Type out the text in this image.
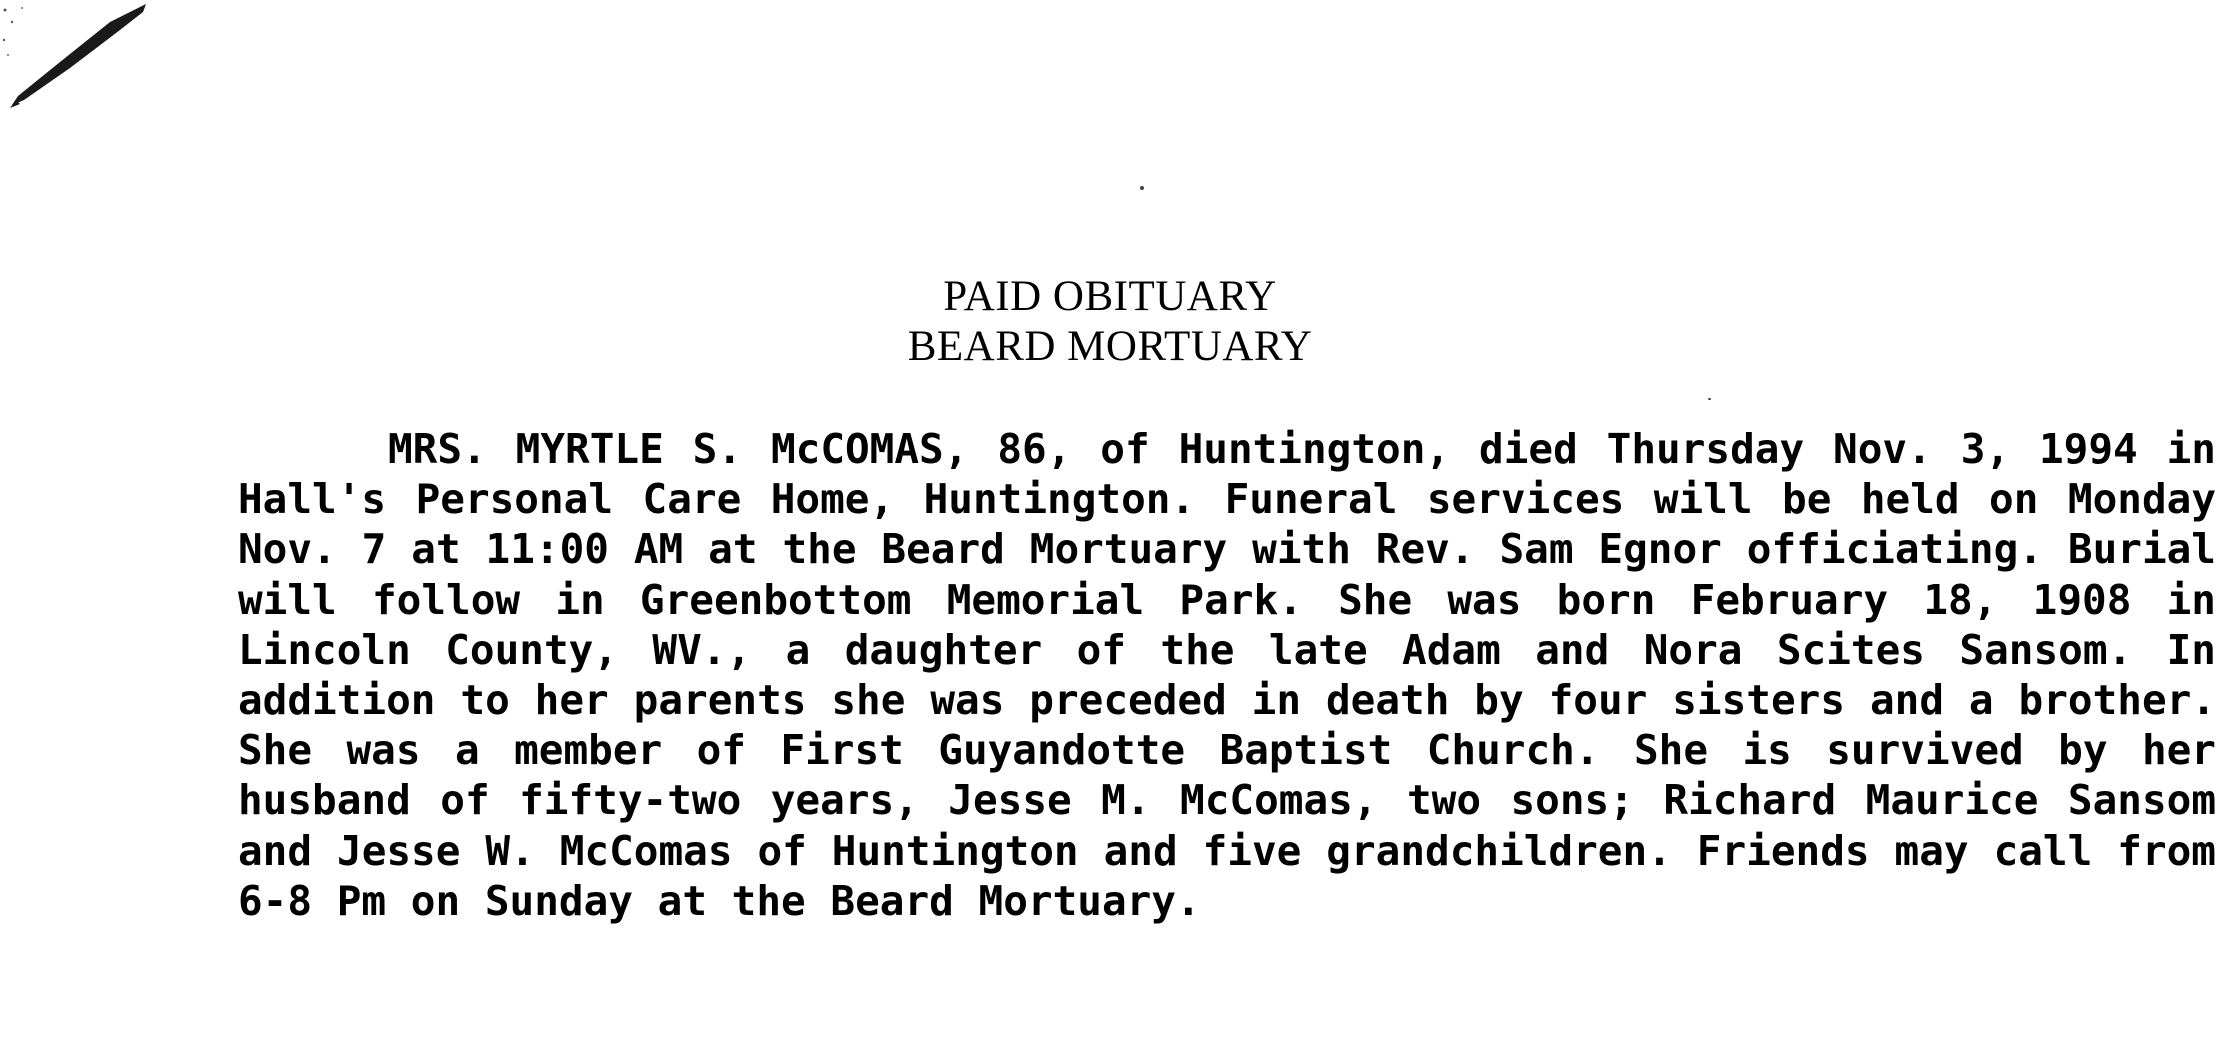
PAID OBITUARY
BEARD MORTUARY

MRS. MYRTLE S. McCOMAS, 86, of Huntington, died Thursday Nov. 3, 1994 in Hall's Personal Care Home, Huntington. Funeral services will be held on Monday Nov. 7 at 11:00 AM at the Beard Mortuary with Rev. Sam Egnor officiating. Burial will follow in Greenbottom Memorial Park. She was born February 18, 1908 in Lincoln County, WV., a daughter of the late Adam and Nora Scites Sansom. In addition to her parents she was preceded in death by four sisters and a brother. She was a member of First Guyandotte Baptist Church. She is survived by her husband of fifty-two years, Jesse M. McComas, two sons; Richard Maurice Sansom and Jesse W. McComas of Huntington and five grandchildren. Friends may call from 6-8 Pm on Sunday at the Beard Mortuary.
